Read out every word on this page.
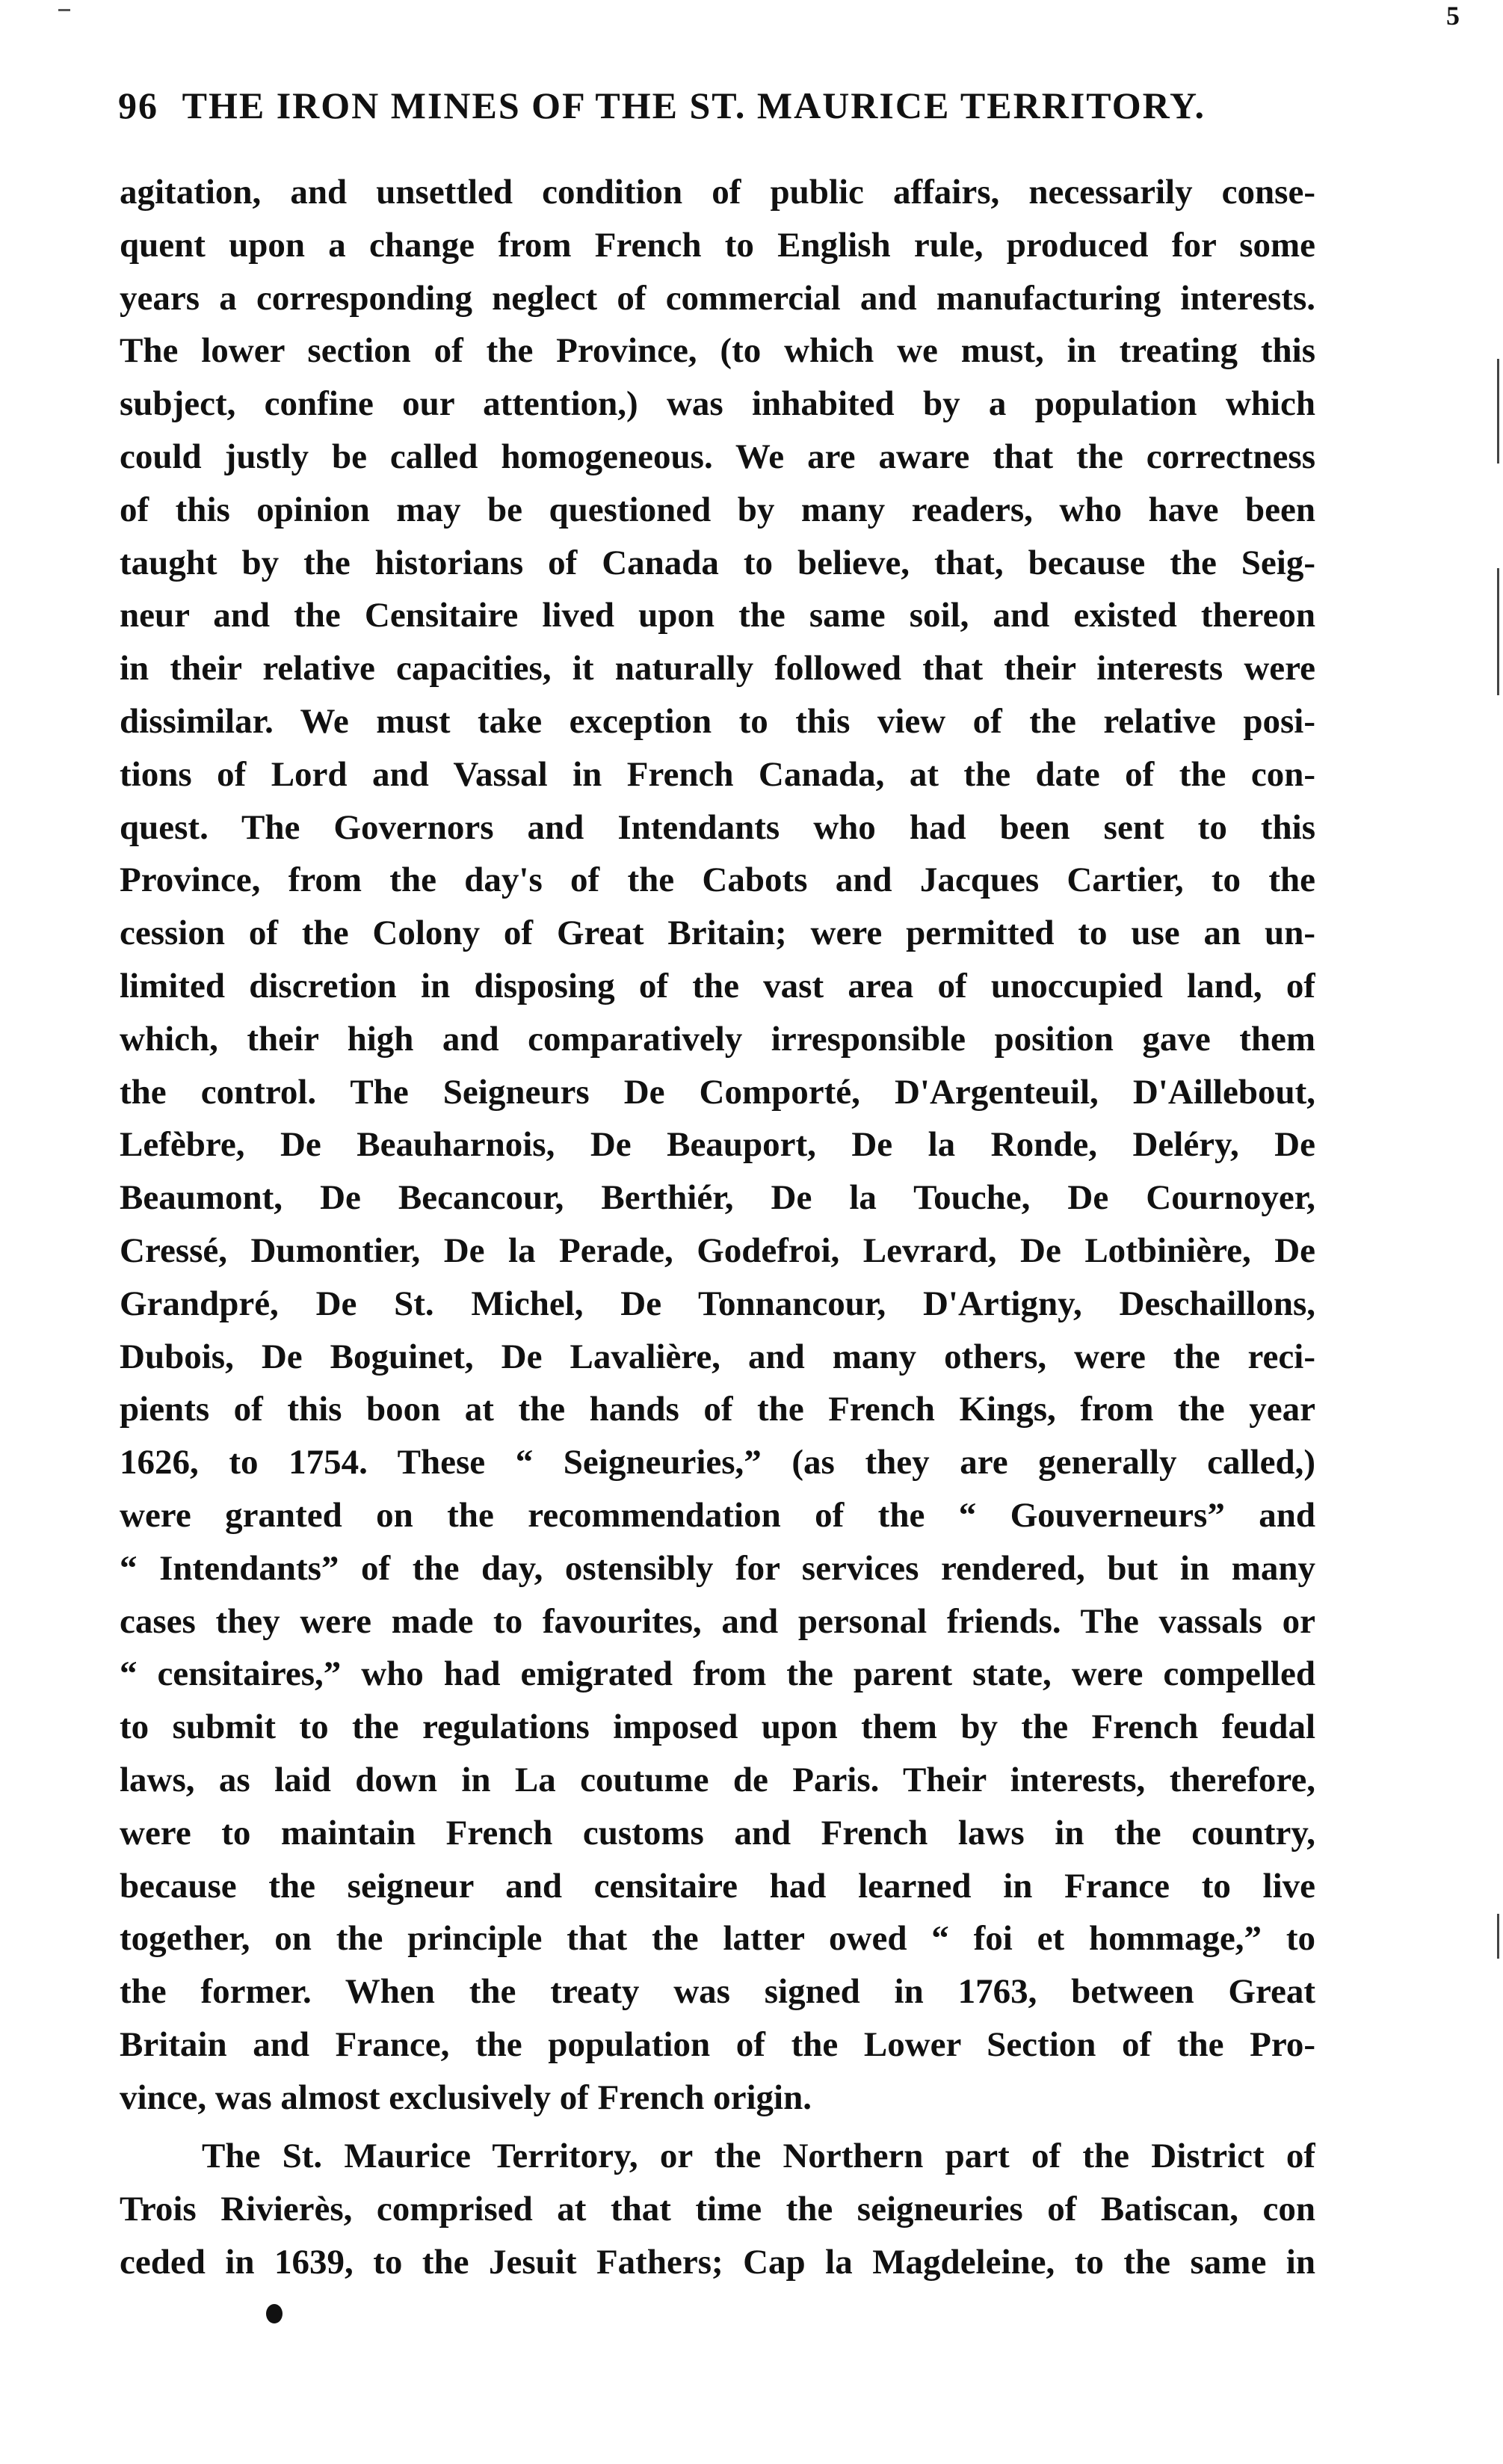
5
96 THE IRON MINES OF THE ST. MAURICE TERRITORY.
agitation, and unsettled condition of public affairs, necessarily conse-
quent upon a change from French to English rule, produced for some
years a corresponding neglect of commercial and manufacturing interests.
The lower section of the Province, (to which we must, in treating this
subject, confine our attention,) was inhabited by a population which
could justly be called homogeneous. We are aware that the correctness
of this opinion may be questioned by many readers, who have been
taught by the historians of Canada to believe, that, because the Seig-
neur and the Censitaire lived upon the same soil, and existed thereon
in their relative capacities, it naturally followed that their interests were
dissimilar. We must take exception to this view of the relative posi-
tions of Lord and Vassal in French Canada, at the date of the con-
quest. The Governors and Intendants who had been sent to this
Province, from the day's of the Cabots and Jacques Cartier, to the
cession of the Colony of Great Britain; were permitted to use an un-
limited discretion in disposing of the vast area of unoccupied land, of
which, their high and comparatively irresponsible position gave them
the control. The Seigneurs De Comporté, D'Argenteuil, D'Aillebout,
Lefèbre, De Beauharnois, De Beauport, De la Ronde, Deléry, De
Beaumont, De Becancour, Berthiér, De la Touche, De Cournoyer,
Cressé, Dumontier, De la Perade, Godefroi, Levrard, De Lotbinière, De
Grandpré, De St. Michel, De Tonnancour, D'Artigny, Deschaillons,
Dubois, De Boguinet, De Lavalière, and many others, were the reci-
pients of this boon at the hands of the French Kings, from the year
1626, to 1754. These “ Seigneuries,” (as they are generally called,)
were granted on the recommendation of the “ Gouverneurs” and
“ Intendants” of the day, ostensibly for services rendered, but in many
cases they were made to favourites, and personal friends. The vassals or
“ censitaires,” who had emigrated from the parent state, were compelled
to submit to the regulations imposed upon them by the French feudal
laws, as laid down in La coutume de Paris. Their interests, therefore,
were to maintain French customs and French laws in the country,
because the seigneur and censitaire had learned in France to live
together, on the principle that the latter owed “ foi et hommage,” to
the former. When the treaty was signed in 1763, between Great
Britain and France, the population of the Lower Section of the Pro-
vince, was almost exclusively of French origin.
The St. Maurice Territory, or the Northern part of the District of
Trois Rivierès, comprised at that time the seigneuries of Batiscan, con
ceded in 1639, to the Jesuit Fathers; Cap la Magdeleine, to the same in
